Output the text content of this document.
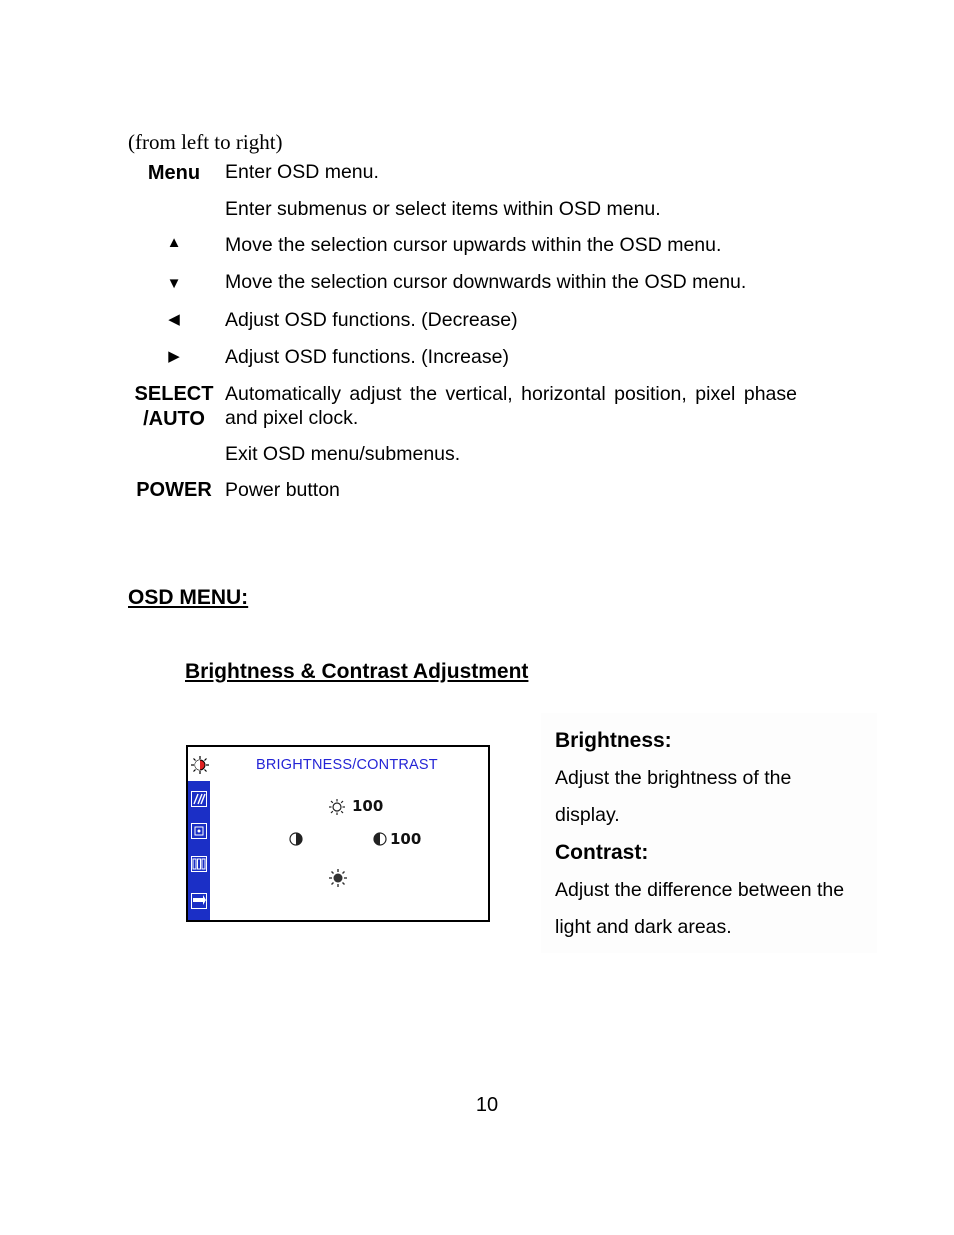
(from left to right)
Menu	Enter OSD menu.
Enter submenus or select items within OSD menu.
▲ Move the selection cursor upwards within the OSD menu.
▼ Move the selection cursor downwards within the OSD menu.
◀ Adjust OSD functions. (Decrease)
▶ Adjust OSD functions. (Increase)
SELECT
/AUTO
Automatically adjust the vertical, horizontal position, pixel phase and pixel clock.
Exit OSD menu/submenus.
POWER Power button
OSD MENU:
Brightness & Contrast Adjustment
BRIGHTNESS/CONTRAST
100
100
Brightness:
Adjust the brightness of the
display.
Contrast:
Adjust the difference between the
light and dark areas.
10
